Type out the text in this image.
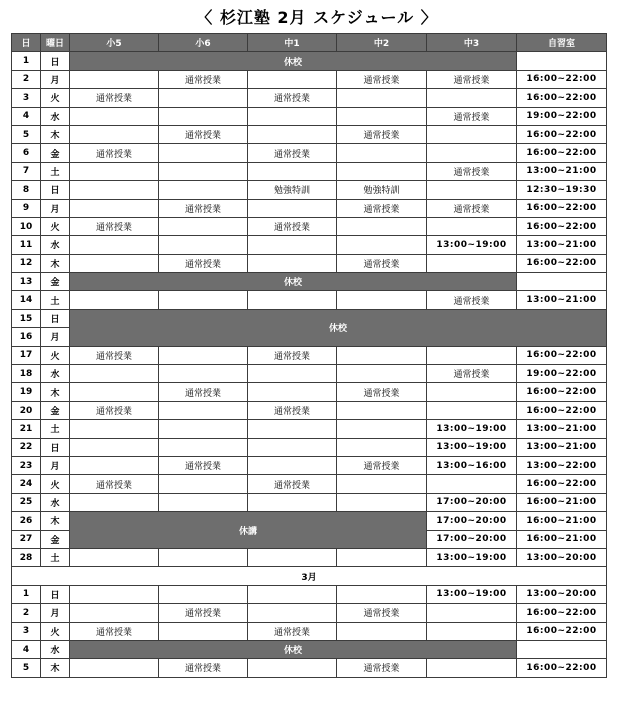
〈 杉江塾 2月 スケジュール 〉
日	曜日	小5	小6	中1	中2	中3	自習室
1	日	休校					
2	月		通常授業		通常授業	通常授業	16:00~22:00
3	火	通常授業		通常授業			16:00~22:00
4	水					通常授業	19:00~22:00
5	木		通常授業		通常授業		16:00~22:00
6	金	通常授業		通常授業			16:00~22:00
7	土					通常授業	13:00~21:00
8	日			勉強特訓	勉強特訓		12:30~19:30
9	月		通常授業		通常授業	通常授業	16:00~22:00
10	火	通常授業		通常授業			16:00~22:00
11	水					13:00~19:00	13:00~21:00
12	木		通常授業		通常授業		16:00~22:00
13	金	休校					
14	土					通常授業	13:00~21:00
15	日	休校					
16	月						
17	火	通常授業		通常授業			16:00~22:00
18	水					通常授業	19:00~22:00
19	木		通常授業		通常授業		16:00~22:00
20	金	通常授業		通常授業			16:00~22:00
21	土					13:00~19:00	13:00~21:00
22	日					13:00~19:00	13:00~21:00
23	月		通常授業		通常授業	13:00~16:00	13:00~22:00
24	火	通常授業		通常授業			16:00~22:00
25	水					17:00~20:00	16:00~21:00
26	木	休講				17:00~20:00	16:00~21:00
27	金					17:00~20:00	16:00~21:00
28	土					13:00~19:00	13:00~20:00
3月							
1	日					13:00~19:00	13:00~20:00
2	月		通常授業		通常授業		16:00~22:00
3	火	通常授業		通常授業			16:00~22:00
4	水	休校					
5	木		通常授業		通常授業		16:00~22:00
